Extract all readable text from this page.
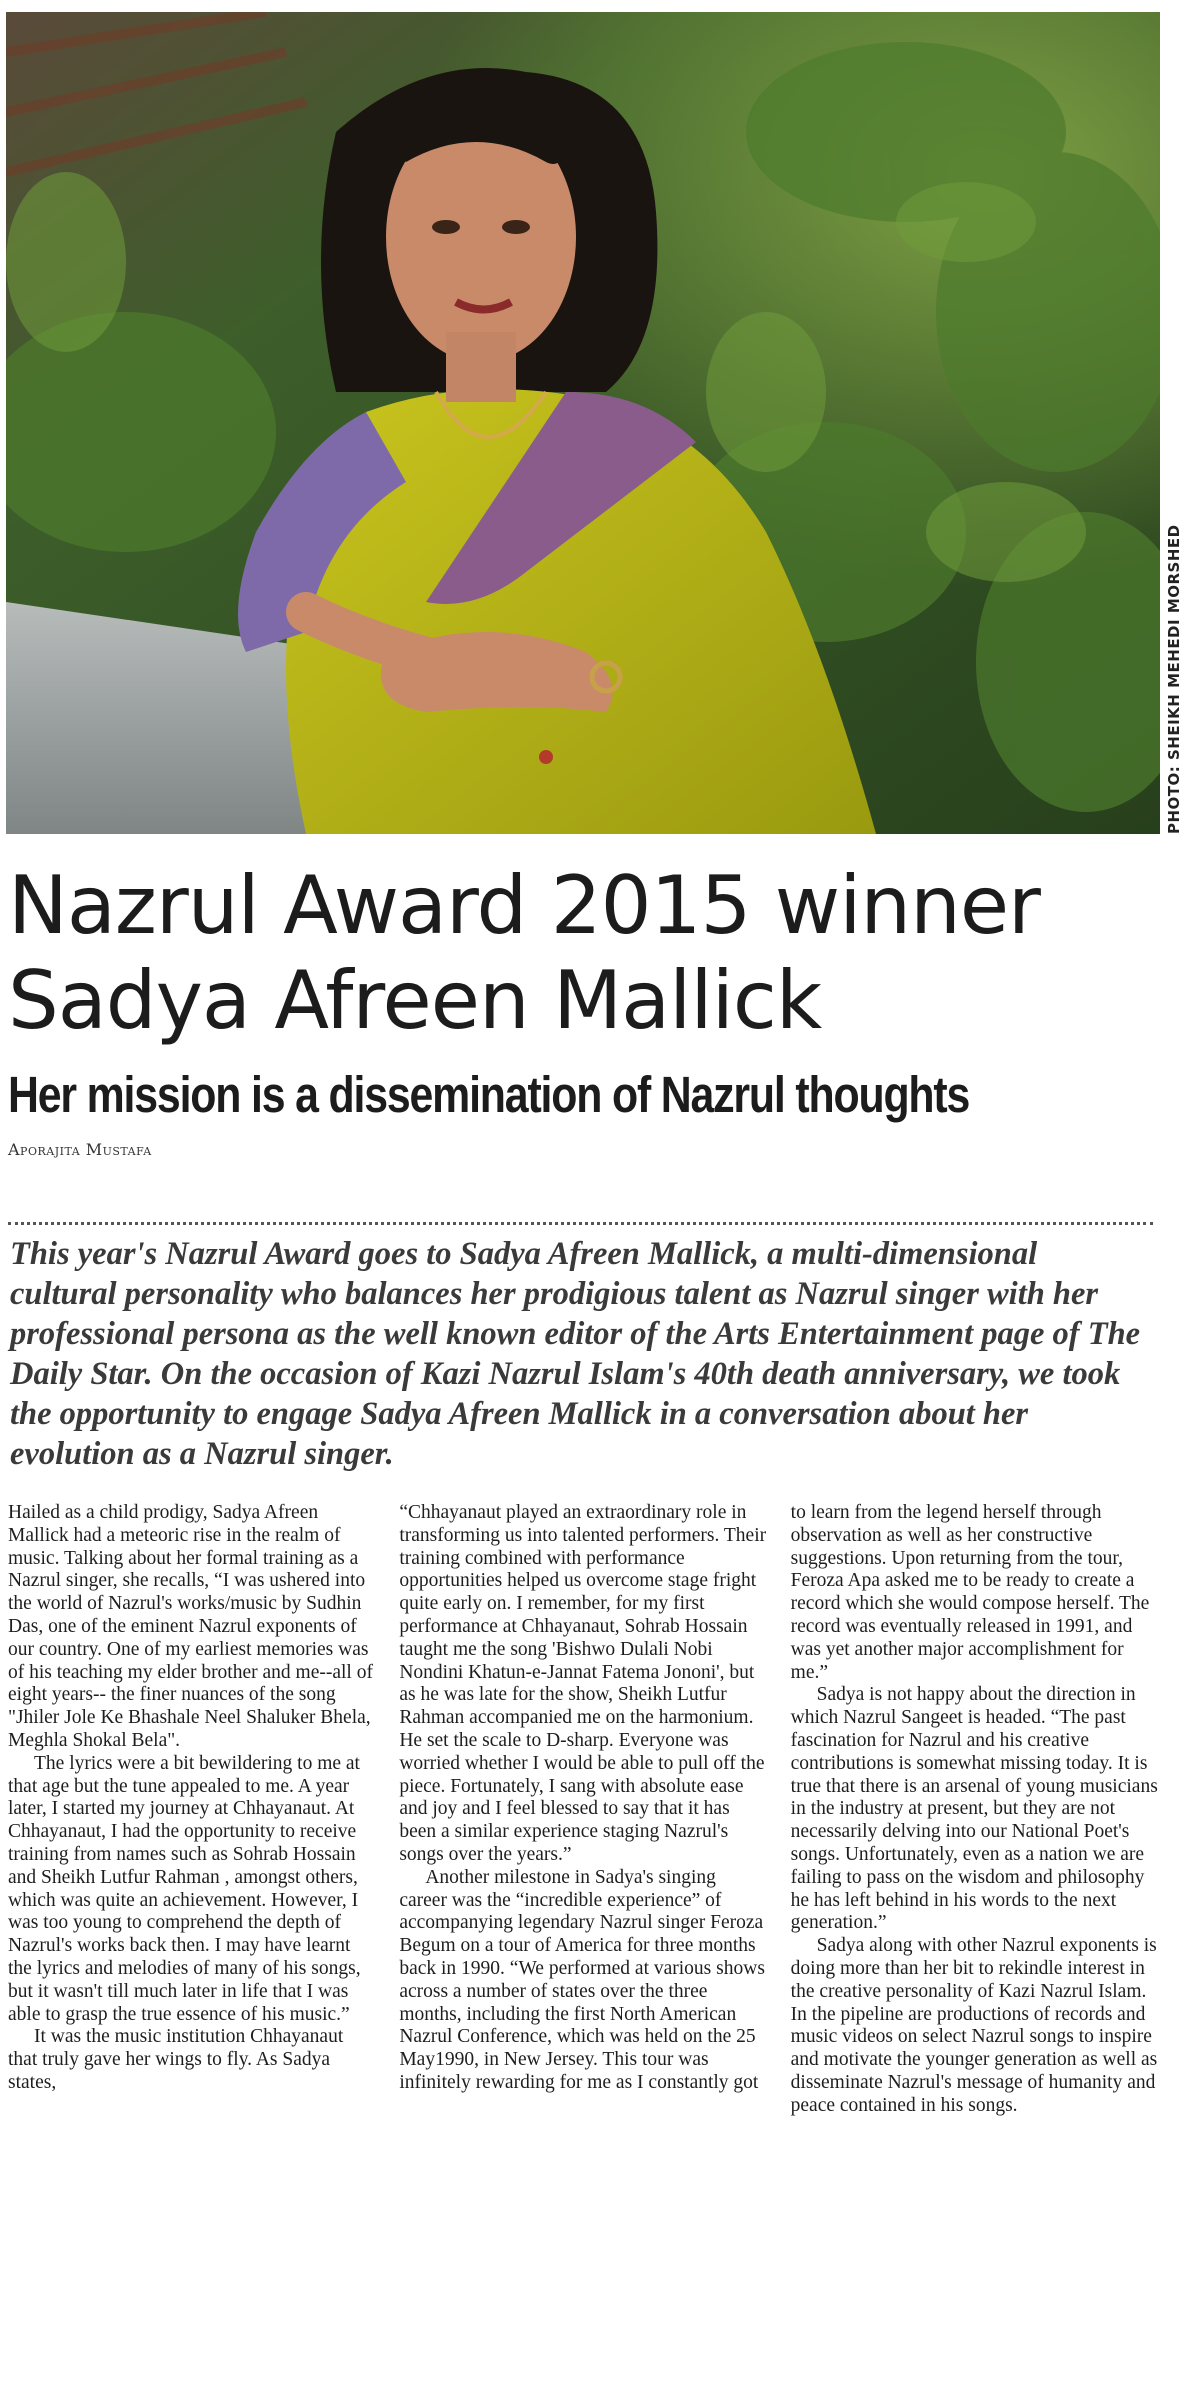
PHOTO: SHEIKH MEHEDI MORSHED
Nazrul Award 2015 winner
Sadya Afreen Mallick
Her mission is a dissemination of Nazrul thoughts
Aporajita Mustafa

This year's Nazrul Award goes to Sadya Afreen Mallick, a multi-dimensional cultural personality who balances her prodigious talent as Nazrul singer with her professional persona as the well known editor of the Arts Entertainment page of The Daily Star. On the occasion of Kazi Nazrul Islam's 40th death anniversary, we took the opportunity to engage Sadya Afreen Mallick in a conversation about her evolution as a Nazrul singer.

Hailed as a child prodigy, Sadya Afreen Mallick had a meteoric rise in the realm of music. Talking about her formal training as a Nazrul singer, she recalls, “I was ushered into the world of Nazrul's works/music by Sudhin Das, one of the eminent Nazrul exponents of our country. One of my earliest memories was of his teaching my elder brother and me--all of eight years-- the finer nuances of the song "Jhiler Jole Ke Bhashale Neel Shaluker Bhela, Meghla Shokal Bela".

The lyrics were a bit bewildering to me at that age but the tune appealed to me. A year later, I started my journey at Chhayanaut. At Chhayanaut, I had the opportunity to receive training from names such as Sohrab Hossain and Sheikh Lutfur Rahman , amongst others, which was quite an achievement. However, I was too young to comprehend the depth of Nazrul's works back then. I may have learnt the lyrics and melodies of many of his songs, but it wasn't till much later in life that I was able to grasp the true essence of his music.”

It was the music institution Chhayanaut that truly gave her wings to fly. As Sadya states,

“Chhayanaut played an extraordinary role in transforming us into talented performers. Their training combined with performance opportunities helped us overcome stage fright quite early on. I remember, for my first performance at Chhayanaut, Sohrab Hossain taught me the song 'Bishwo Dulali Nobi Nondini Khatun-e-Jannat Fatema Jononi', but as he was late for the show, Sheikh Lutfur Rahman accompanied me on the harmonium. He set the scale to D-sharp. Everyone was worried whether I would be able to pull off the piece. Fortunately, I sang with absolute ease and joy and I feel blessed to say that it has been a similar experience staging Nazrul's songs over the years.”

Another milestone in Sadya's singing career was the “incredible experience” of accompanying legendary Nazrul singer Feroza Begum on a tour of America for three months back in 1990. “We performed at various shows across a number of states over the three months, including the first North American Nazrul Conference, which was held on the 25 May1990, in New Jersey. This tour was infinitely rewarding for me as I constantly got

to learn from the legend herself through observation as well as her constructive suggestions. Upon returning from the tour, Feroza Apa asked me to be ready to create a record which she would compose herself. The record was eventually released in 1991, and was yet another major accomplishment for me.”

Sadya is not happy about the direction in which Nazrul Sangeet is headed. “The past fascination for Nazrul and his creative contributions is somewhat missing today. It is true that there is an arsenal of young musicians in the industry at present, but they are not necessarily delving into our National Poet's songs. Unfortunately, even as a nation we are failing to pass on the wisdom and philosophy he has left behind in his words to the next generation.”

Sadya along with other Nazrul exponents is doing more than her bit to rekindle interest in the creative personality of Kazi Nazrul Islam. In the pipeline are productions of records and music videos on select Nazrul songs to inspire and motivate the younger generation as well as disseminate Nazrul's message of humanity and peace contained in his songs.
